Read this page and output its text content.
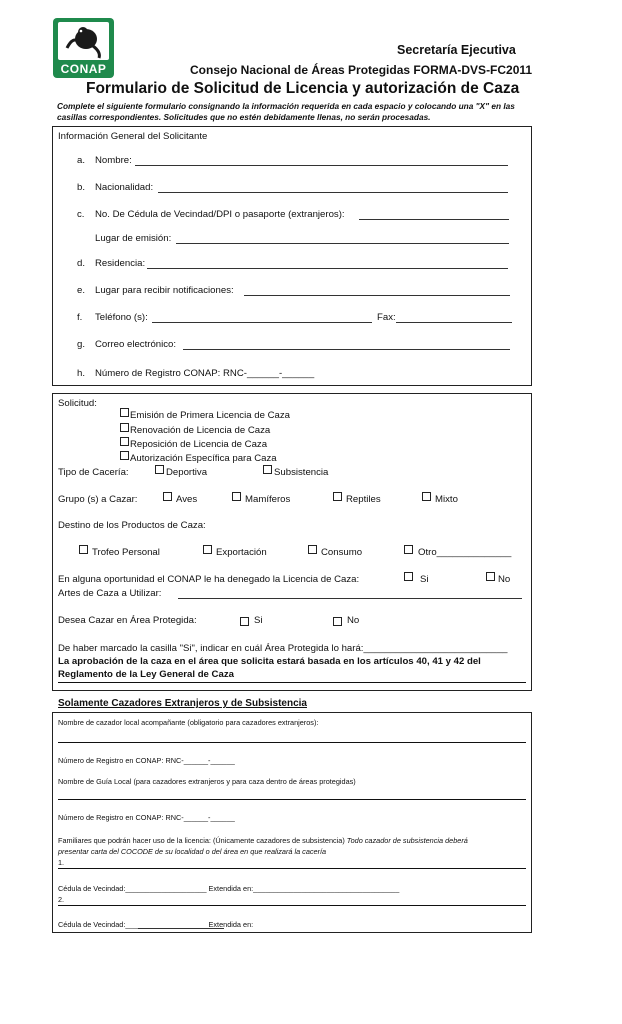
CONAP
Secretaría Ejecutiva
Consejo Nacional de Áreas Protegidas FORMA-DVS-FC2011
Formulario de Solicitud de Licencia y autorización de Caza
Complete el siguiente formulario consignando la información requerida en cada espacio y colocando una "X" en las casillas correspondientes. Solicitudes que no estén debidamente llenas, no serán procesadas.
Información General del Solicitante
a. Nombre:
b. Nacionalidad:
c. No. De Cédula de Vecindad/DPI o pasaporte (extranjeros):
Lugar de emisión:
d. Residencia:
e. Lugar para recibir notificaciones:
f. Teléfono (s):	Fax:
g. Correo electrónico:
h. Número de Registro CONAP: RNC-______-______
Solicitud:
Emisión de Primera Licencia de Caza
Renovación de Licencia de Caza
Reposición de Licencia de Caza
Autorización Específica para Caza
Tipo de Cacería:	Deportiva	Subsistencia
Grupo (s) a Cazar:	Aves	Mamíferos	Reptiles	Mixto
Destino de los Productos de Caza:
Trofeo Personal	Exportación	Consumo	Otro______________
En alguna oportunidad el CONAP le ha denegado la Licencia de Caza:	Si	No
Artes de Caza a Utilizar:
Desea Cazar en Área Protegida:	Si	No
De haber marcado la casilla "Si", indicar en cuál Área Protegida lo hará:___________________________
La aprobación de la caza en el área que solicita estará basada en los artículos 40, 41 y 42 del
Reglamento de la Ley General de Caza
Solamente Cazadores Extranjeros y de Subsistencia
Nombre de cazador local acompañante (obligatorio para cazadores extranjeros):
Número de Registro en CONAP: RNC-______-______
Nombre de Guía Local (para cazadores extranjeros y para caza dentro de áreas protegidas)
Número de Registro en CONAP: RNC-______-______
Familiares que podrán hacer uso de la licencia: (Únicamente cazadores de subsistencia) Todo cazador de subsistencia deberá
presentar carta del COCODE de su localidad o del área en que realizará la cacería
1.
Cédula de Vecindad:____________________ Extendida en:____________________________________
2.
Cédula de Vecindad:____________________ Extendida en:
